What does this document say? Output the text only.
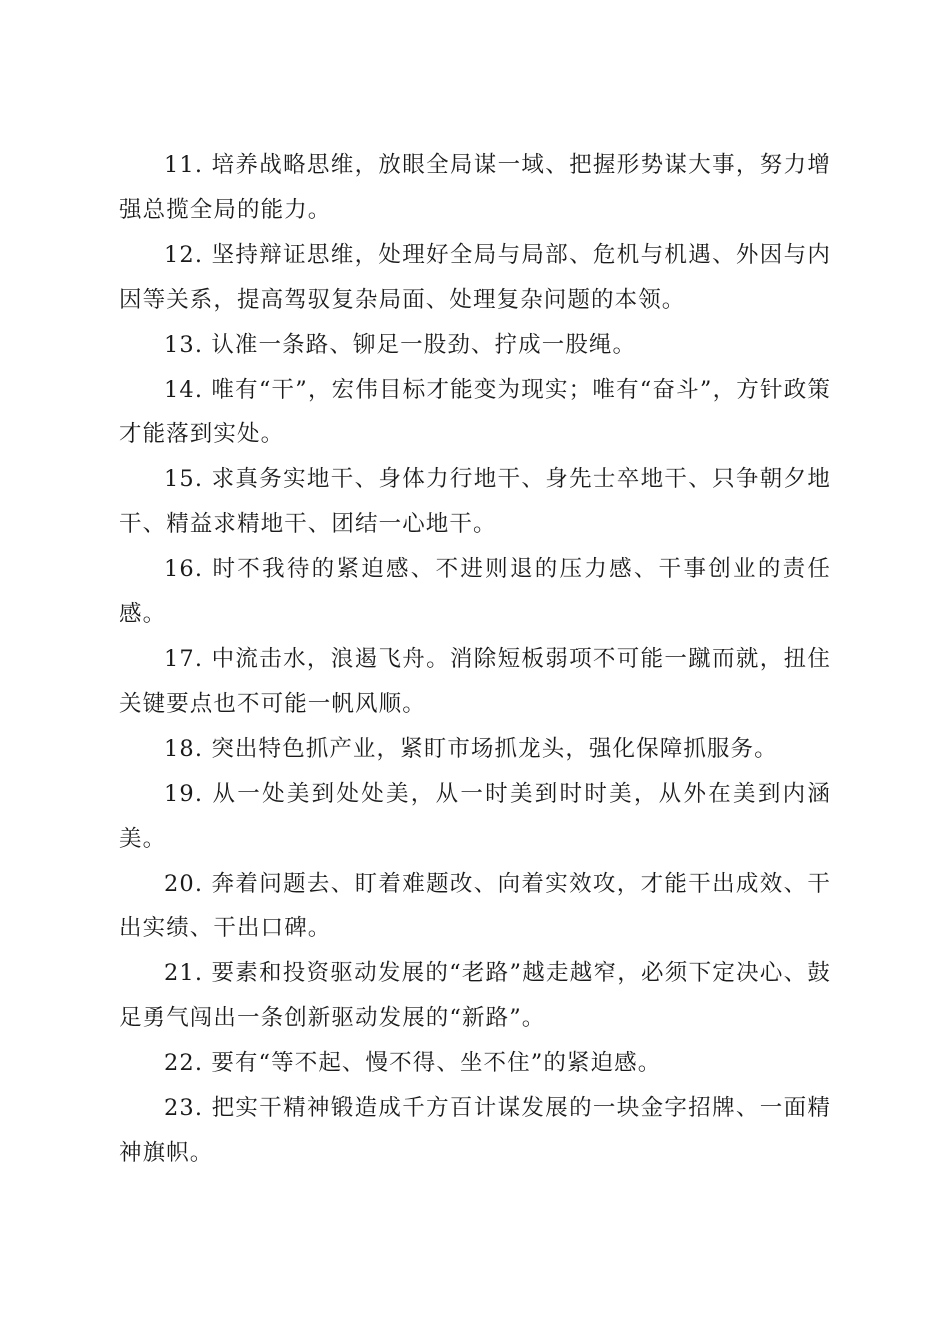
11. 培养战略思维，放眼全局谋一域、把握形势谋大事，努力增强总揽全局的能力。

12. 坚持辩证思维，处理好全局与局部、危机与机遇、外因与内因等关系，提高驾驭复杂局面、处理复杂问题的本领。

13. 认准一条路、铆足一股劲、拧成一股绳。

14. 唯有“干”，宏伟目标才能变为现实；唯有“奋斗”，方针政策才能落到实处。

15. 求真务实地干、身体力行地干、身先士卒地干、只争朝夕地干、精益求精地干、团结一心地干。

16. 时不我待的紧迫感、不进则退的压力感、干事创业的责任感。

17. 中流击水，浪遏飞舟。消除短板弱项不可能一蹴而就，扭住关键要点也不可能一帆风顺。

18. 突出特色抓产业，紧盯市场抓龙头，强化保障抓服务。

19. 从一处美到处处美，从一时美到时时美，从外在美到内涵美。

20. 奔着问题去、盯着难题改、向着实效攻，才能干出成效、干出实绩、干出口碑。

21. 要素和投资驱动发展的“老路”越走越窄，必须下定决心、鼓足勇气闯出一条创新驱动发展的“新路”。

22. 要有“等不起、慢不得、坐不住”的紧迫感。

23. 把实干精神锻造成千方百计谋发展的一块金字招牌、一面精神旗帜。
